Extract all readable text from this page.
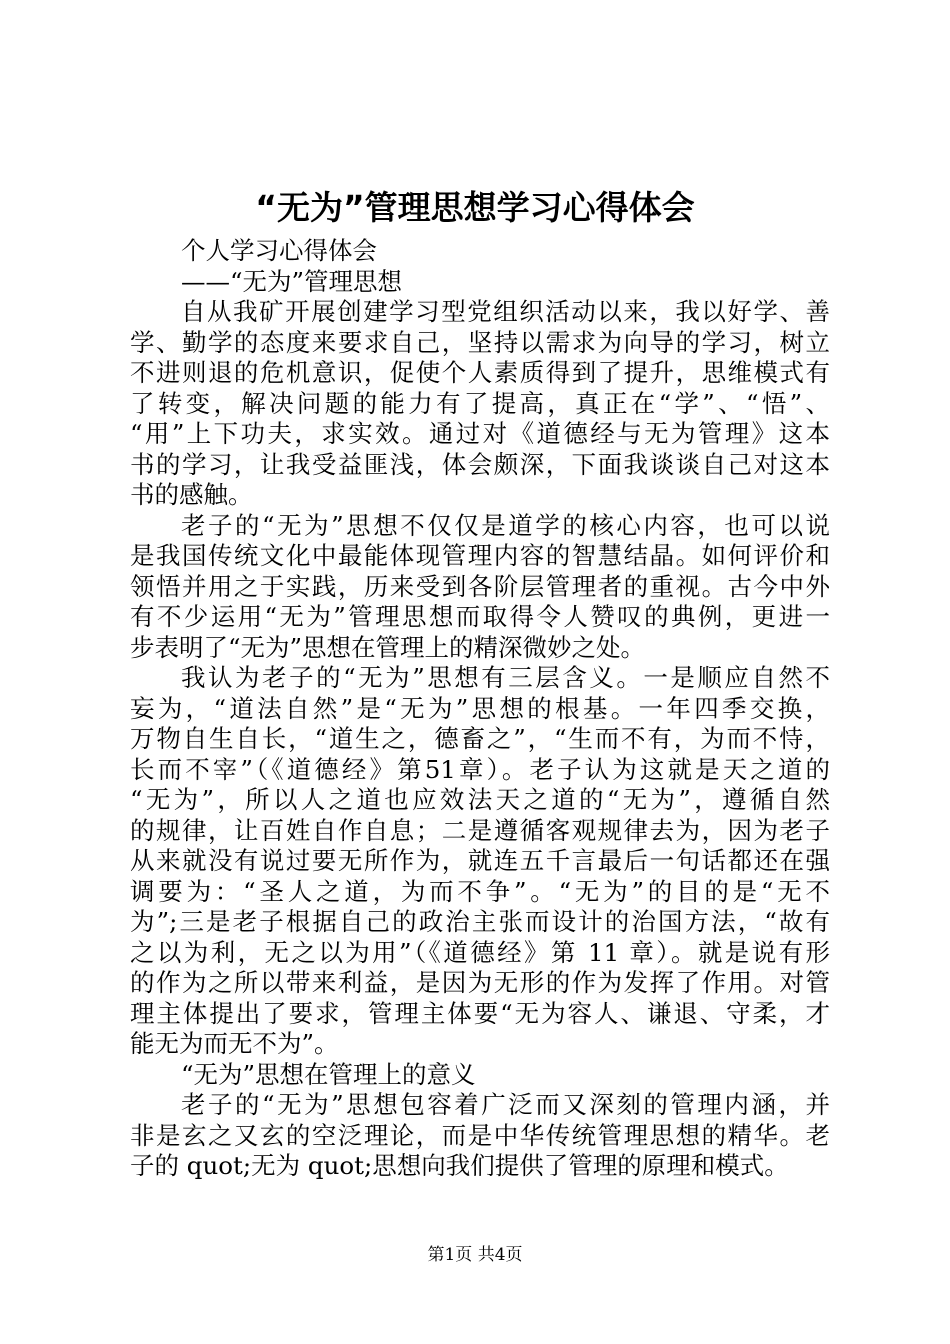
“无为”管理思想学习心得体会
个人学习心得体会
——“无为”管理思想
自从我矿开展创建学习型党组织活动以来，我以好学、善
学、勤学的态度来要求自己，坚持以需求为向导的学习，树立
不进则退的危机意识，促使个人素质得到了提升，思维模式有
了转变，解决问题的能力有了提高，真正在“学”、“悟”、
“用”上下功夫，求实效。通过对《道德经与无为管理》这本
书的学习，让我受益匪浅，体会颇深，下面我谈谈自己对这本
书的感触。
老子的“无为”思想不仅仅是道学的核心内容，也可以说
是我国传统文化中最能体现管理内容的智慧结晶。如何评价和
领悟并用之于实践，历来受到各阶层管理者的重视。古今中外
有不少运用“无为”管理思想而取得令人赞叹的典例，更进一
步表明了“无为”思想在管理上的精深微妙之处。
我认为老子的“无为”思想有三层含义。一是顺应自然不
妄为，“道法自然”是“无为”思想的根基。一年四季交换，
万物自生自长，“道生之，德畜之”，“生而不有，为而不恃，
长而不宰”（《道德经》第51章）。老子认为这就是天之道的
“无为”，所以人之道也应效法天之道的“无为”，遵循自然
的规律，让百姓自作自息；二是遵循客观规律去为，因为老子
从来就没有说过要无所作为，就连五千言最后一句话都还在强
调要为：“圣人之道，为而不争”。“无为”的目的是“无不
为”;三是老子根据自己的政治主张而设计的治国方法，“故有
之以为利，无之以为用”（《道德经》第 11 章）。就是说有形
的作为之所以带来利益，是因为无形的作为发挥了作用。对管
理主体提出了要求，管理主体要“无为容人、谦退、守柔，才
能无为而无不为”。
“无为”思想在管理上的意义
老子的“无为”思想包容着广泛而又深刻的管理内涵，并
非是玄之又玄的空泛理论，而是中华传统管理思想的精华。老
子的 quot;无为 quot;思想向我们提供了管理的原理和模式。
第1页 共4页
